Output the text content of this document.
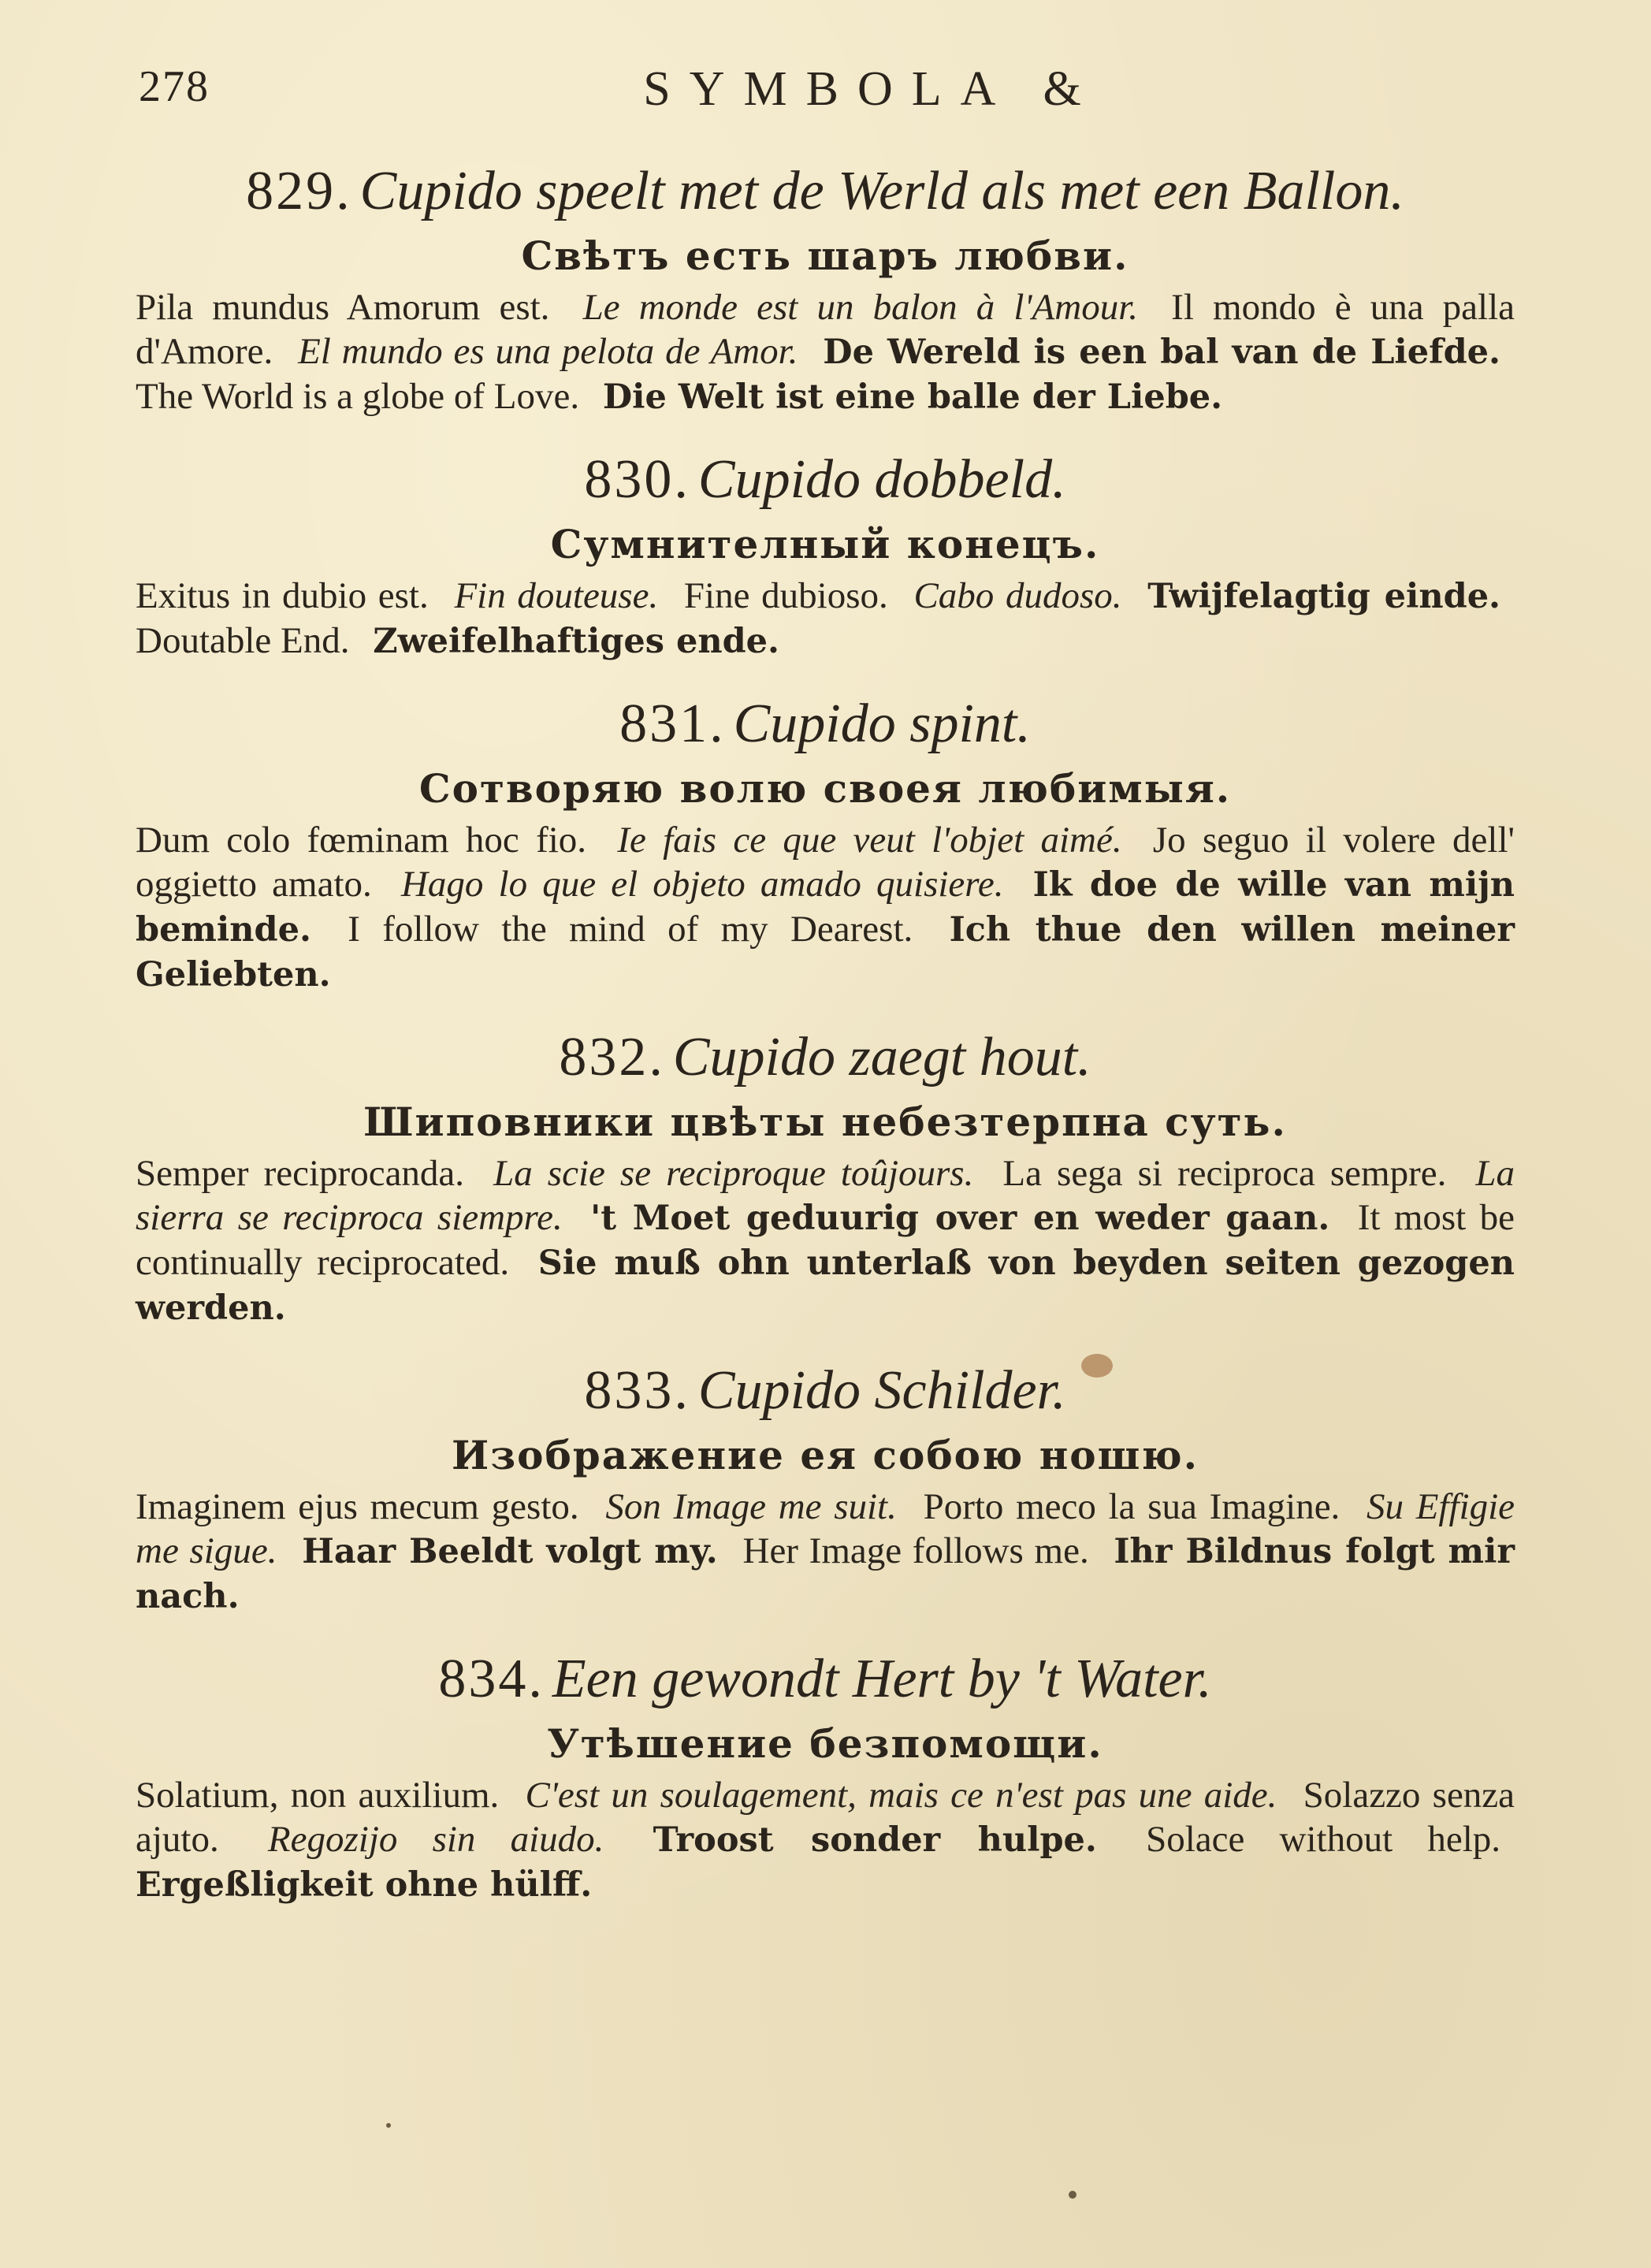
278	SYMBOLA &
829. Cupido speelt met de Werld als met een Ballon.
Свѣтъ есть шаръ любви.

Pila mundus Amorum est. Le monde est un balon à l'Amour. Il mondo è una palla d'Amore. El mundo es una pelota de Amor. De Wereld is een bal van de Liefde. The World is a globe of Love. Die Welt ist eine balle der Liebe.

830. Cupido dobbeld.
Сумнителный конецъ.

Exitus in dubio est. Fin douteuse. Fine dubioso. Cabo dudoso. Twijfelagtig einde. Doutable End. Zweifelhaftiges ende.

831. Cupido spint.
Сотворяю волю своея любимыя.

Dum colo fœminam hoc fio. Ie fais ce que veut l'objet aimé. Jo seguo il volere dell' oggietto amato. Hago lo que el objeto amado quisiere. Ik doe de wille van mijn beminde. I follow the mind of my Dearest. Ich thue den willen meiner Geliebten.

832. Cupido zaegt hout.
Шиповники цвѣты небезтерпна суть.

Semper reciprocanda. La scie se reciproque toûjours. La sega si reciproca sempre. La sierra se reciproca siempre. 't Moet geduurig over en weder gaan. It most be continually reciprocated. Sie muß ohn unterlaß von beyden seiten gezogen werden.

833. Cupido Schilder.
Изображение ея собою ношю.

Imaginem ejus mecum gesto. Son Image me suit. Porto meco la sua Imagine. Su Effigie me sigue. Haar Beeldt volgt my. Her Image follows me. Ihr Bildnus folgt mir nach.

834. Een gewondt Hert by 't Water.
Утѣшение безпомощи.

Solatium, non auxilium. C'est un soulagement, mais ce n'est pas une aide. Solazzo senza ajuto. Regozijo sin aiudo. Troost sonder hulpe. Solace without help. Ergeßligkeit ohne hülff.
